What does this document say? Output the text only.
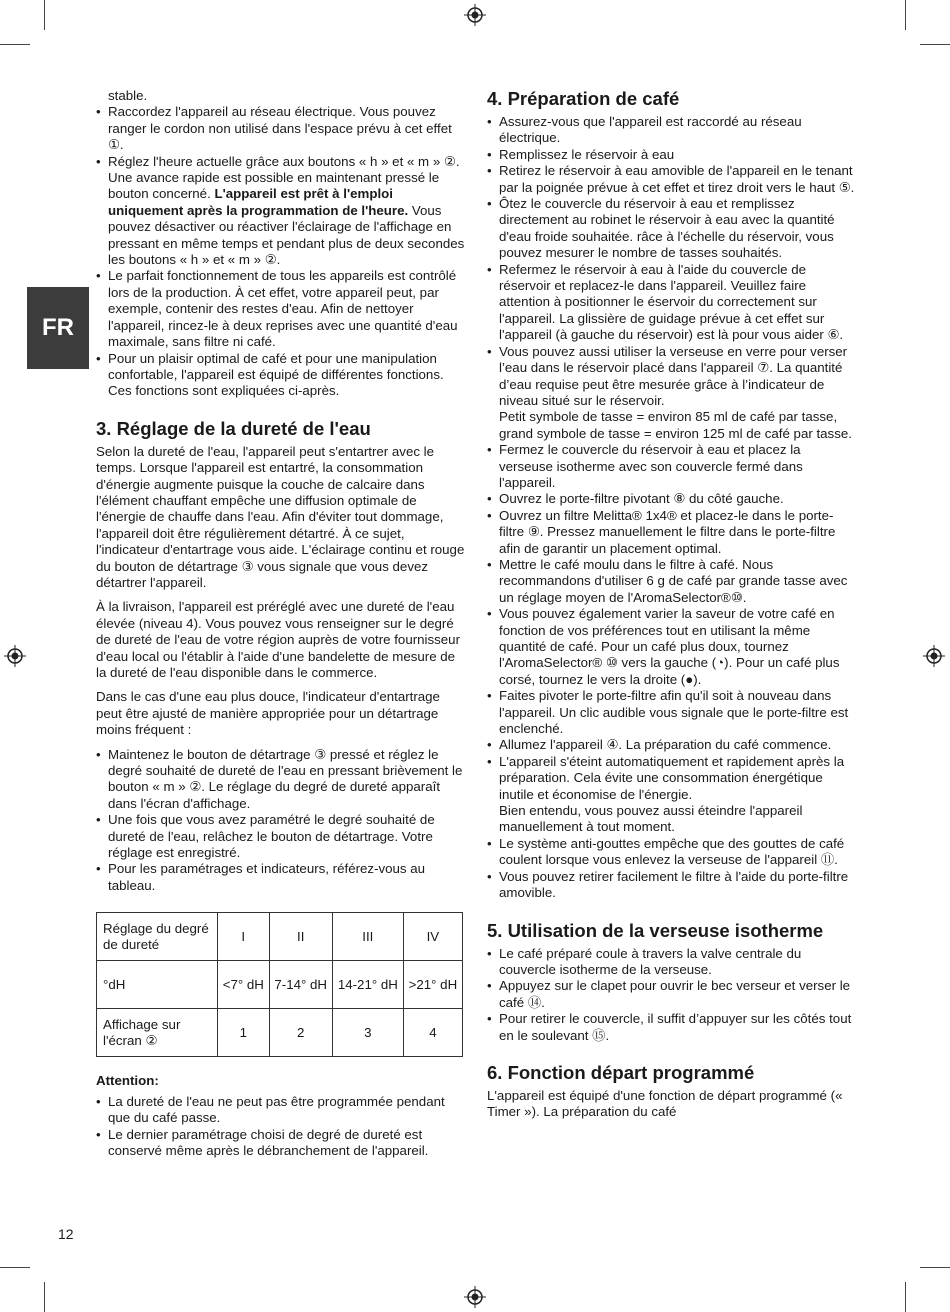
FR

stable.

• Raccordez l'appareil au réseau électrique. Vous pouvez ranger le cordon non utilisé dans l'espace prévu à cet effet ①.
• Réglez l'heure actuelle grâce aux boutons « h » et « m » ②. Une avance rapide est possible en maintenant pressé le bouton concerné. L'appareil est prêt à l'emploi uniquement après la programmation de l'heure. Vous pouvez désactiver ou réactiver l'éclairage de l'affichage en pressant en même temps et pendant plus de deux secondes les boutons « h » et « m » ②.
• Le parfait fonctionnement de tous les appareils est contrôlé lors de la production. À cet effet, votre appareil peut, par exemple, contenir des restes d'eau. Afin de nettoyer l'appareil, rincez-le à deux reprises avec une quantité d'eau maximale, sans filtre ni café.
• Pour un plaisir optimal de café et pour une manipulation confortable, l'appareil est équipé de différentes fonctions. Ces fonctions sont expliquées ci-après.
3. Réglage de la dureté de l'eau

Selon la dureté de l'eau, l'appareil peut s'entartrer avec le temps. Lorsque l'appareil est entartré, la consommation d'énergie augmente puisque la couche de calcaire dans l'élément chauffant empêche une diffusion optimale de l'énergie de chauffe dans l'eau. Afin d'éviter tout dommage, l'appareil doit être régulièrement détartré. À ce sujet, l'indicateur d'entartrage vous aide. L'éclairage continu et rouge du bouton de détartrage ③ vous signale que vous devez détartrer l'appareil.

À la livraison, l'appareil est préréglé avec une dureté de l'eau élevée (niveau 4). Vous pouvez vous renseigner sur le degré de dureté de l'eau de votre région auprès de votre fournisseur d'eau local ou l'établir à l'aide d'une bandelette de mesure de la dureté de l'eau disponible dans le commerce.

Dans le cas d'une eau plus douce, l'indicateur d'entartrage peut être ajusté de manière appropriée pour un détartrage moins fréquent :

• Maintenez le bouton de détartrage ③ pressé et réglez le degré souhaité de dureté de l'eau en pressant brièvement le bouton « m » ②. Le réglage du degré de dureté apparaît dans l'écran d'affichage.
• Une fois que vous avez paramétré le degré souhaité de dureté de l'eau, relâchez le bouton de détartrage. Votre réglage est enregistré.
• Pour les paramétrages et indicateurs, référez-vous au tableau.
Réglage du degré de dureté	I	II	III	IV
°dH	<7° dH	7-14° dH	14-21° dH	>21° dH
Affichage sur l'écran ②	1	2	3	4

Attention:

• La dureté de l'eau ne peut pas être programmée pendant que du café passe.
• Le dernier paramétrage choisi de degré de dureté est conservé même après le débranchement de l'appareil.
4. Préparation de café
• Assurez-vous que l'appareil est raccordé au réseau électrique.
• Remplissez le réservoir à eau
• Retirez le réservoir à eau amovible de l'appareil en le tenant par la poignée prévue à cet effet et tirez droit vers le haut ⑤.
• Ôtez le couvercle du réservoir à eau et remplissez directement au robinet le réservoir à eau avec la quantité d'eau froide souhaitée. râce à l'échelle du réservoir, vous pouvez mesurer le nombre de tasses souhaités.
• Refermez le réservoir à eau à l'aide du couvercle de réservoir et replacez-le dans l'appareil. Veuillez faire attention à positionner le éservoir du correctement sur l'appareil. La glissière de guidage prévue à cet effet sur l'appareil (à gauche du réservoir) est là pour vous aider ⑥.
• Vous pouvez aussi utiliser la verseuse en verre pour verser l’eau dans le réservoir placé dans l'appareil ⑦. La quantité d’eau requise peut être mesurée grâce à l’indicateur de niveau situé sur le réservoir.
Petit symbole de tasse = environ 85 ml de café par tasse, grand symbole de tasse = environ 125 ml de café par tasse.
• Fermez le couvercle du réservoir à eau et placez la verseuse isotherme avec son couvercle fermé dans l'appareil.
• Ouvrez le porte-filtre pivotant ⑧ du côté gauche.
• Ouvrez un filtre Melitta® 1x4® et placez-le dans le porte-filtre ⑨. Pressez manuellement le filtre dans le porte-filtre afin de garantir un placement optimal.
• Mettre le café moulu dans le filtre à café. Nous recommandons d'utiliser 6 g de café par grande tasse avec un réglage moyen de l'AromaSelector®⑩.
• Vous pouvez également varier la saveur de votre café en fonction de vos préférences tout en utilisant la même quantité de café. Pour un café plus doux, tournez l'AromaSelector® ⑩ vers la gauche (◔). Pour un café plus corsé, tournez le vers la droite (●).
• Faites pivoter le porte-filtre afin qu'il soit à nouveau dans l'appareil. Un clic audible vous signale que le porte-filtre est enclenché.
• Allumez l'appareil ④. La préparation du café commence.
• L'appareil s'éteint automatiquement et rapidement après la préparation. Cela évite une consommation énergétique inutile et économise de l'énergie.
Bien entendu, vous pouvez aussi éteindre l'appareil manuellement à tout moment.
• Le système anti-gouttes empêche que des gouttes de café coulent lorsque vous enlevez la verseuse de l'appareil ⑪.
• Vous pouvez retirer facilement le filtre à l'aide du porte-filtre amovible.
5. Utilisation de la verseuse isotherme
• Le café préparé coule à travers la valve centrale du couvercle isotherme de la verseuse.
• Appuyez sur le clapet pour ouvrir le bec verseur et verser le café ⑭.
• Pour retirer le couvercle, il suffit d’appuyer sur les côtés tout en le soulevant ⑮.
6. Fonction départ programmé

L'appareil est équipé d'une fonction de départ programmé (« Timer »). La préparation du café

12
